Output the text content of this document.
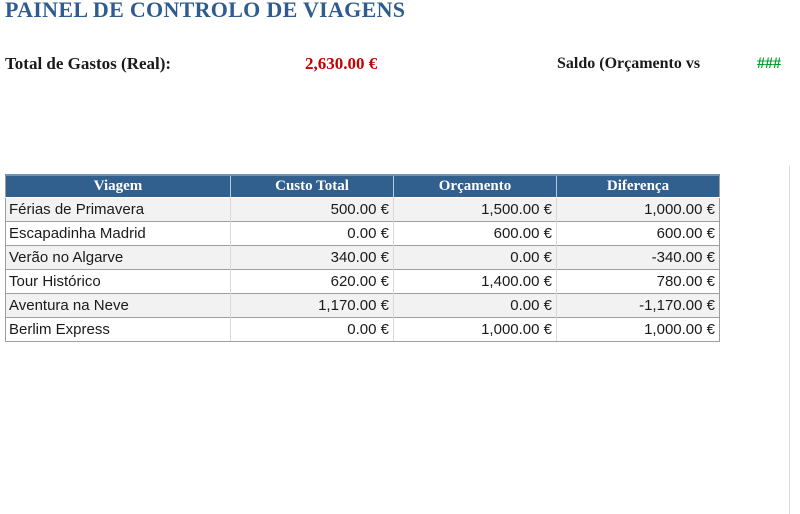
PAINEL DE CONTROLO DE VIAGENS
Total de Gastos (Real):	2,630.00 €	Saldo (Orçamento vs	###
Viagem	Custo Total	Orçamento	Diferença
Férias de Primavera	500.00 €	1,500.00 €	1,000.00 €
Escapadinha Madrid	0.00 €	600.00 €	600.00 €
Verão no Algarve	340.00 €	0.00 €	-340.00 €
Tour Histórico	620.00 €	1,400.00 €	780.00 €
Aventura na Neve	1,170.00 €	0.00 €	-1,170.00 €
Berlim Express	0.00 €	1,000.00 €	1,000.00 €
